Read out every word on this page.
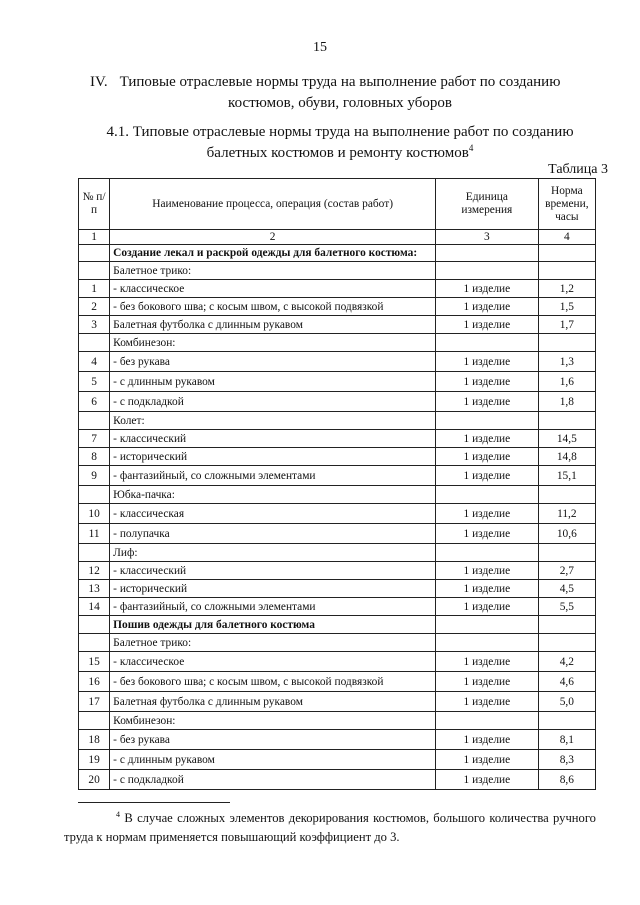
15
IV. Типовые отраслевые нормы труда на выполнение работ по созданию
костюмов, обуви, головных уборов
4.1. Типовые отраслевые нормы труда на выполнение работ по созданию
балетных костюмов и ремонту костюмов$^4$
Таблица 3
№ п/п	Наименование процесса, операция (состав работ)	Единица измерения	Норма времени, часы
1	2	3	4
	Создание лекал и раскрой одежды для балетного костюма:		
	Балетное трико:		
1	- классическое	1 изделие	1,2
2	- без бокового шва; с косым швом, с высокой подвязкой	1 изделие	1,5
3	Балетная футболка с длинным рукавом	1 изделие	1,7
	Комбинезон:		
4	- без рукава	1 изделие	1,3
5	- с длинным рукавом	1 изделие	1,6
6	- с подкладкой	1 изделие	1,8
	Колет:		
7	- классический	1 изделие	14,5
8	- исторический	1 изделие	14,8
9	- фантазийный, со сложными элементами	1 изделие	15,1
	Юбка-пачка:		
10	- классическая	1 изделие	11,2
11	- полупачка	1 изделие	10,6
	Лиф:		
12	- классический	1 изделие	2,7
13	- исторический	1 изделие	4,5
14	- фантазийный, со сложными элементами	1 изделие	5,5
	Пошив одежды для балетного костюма		
	Балетное трико:		
15	- классическое	1 изделие	4,2
16	- без бокового шва; с косым швом, с высокой подвязкой	1 изделие	4,6
17	Балетная футболка с длинным рукавом	1 изделие	5,0
	Комбинезон:		
18	- без рукава	1 изделие	8,1
19	- с длинным рукавом	1 изделие	8,3
20	- с подкладкой	1 изделие	8,6
$^4$ В случае сложных элементов декорирования костюмов, большого количества ручного труда к нормам применяется повышающий коэффициент до 3.
